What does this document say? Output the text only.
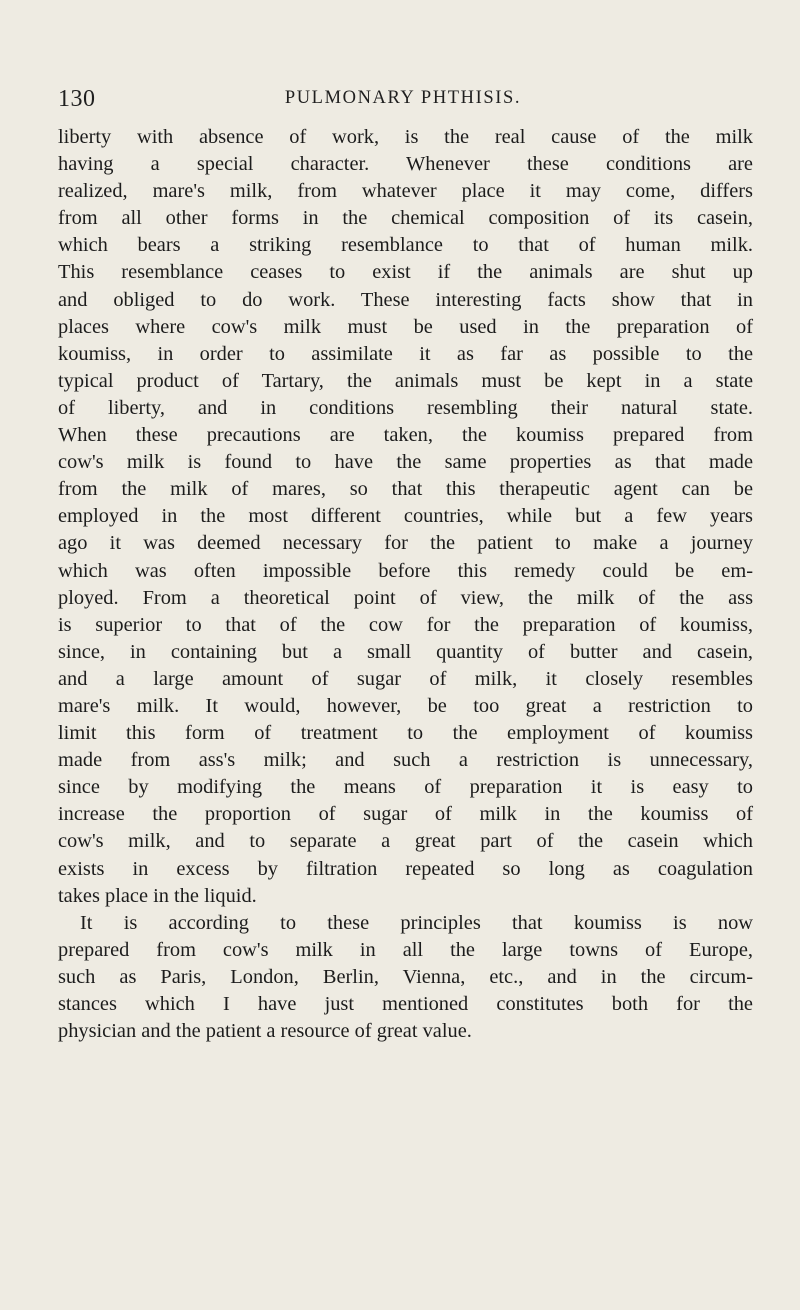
130	PULMONARY PHTHISIS.
liberty with absence of work, is the real cause of the milk
having a special character. Whenever these conditions are
realized, mare's milk, from whatever place it may come, differs
from all other forms in the chemical composition of its casein,
which bears a striking resemblance to that of human milk.
This resemblance ceases to exist if the animals are shut up
and obliged to do work. These interesting facts show that in
places where cow's milk must be used in the preparation of
koumiss, in order to assimilate it as far as possible to the
typical product of Tartary, the animals must be kept in a state
of liberty, and in conditions resembling their natural state.
When these precautions are taken, the koumiss prepared from
cow's milk is found to have the same properties as that made
from the milk of mares, so that this therapeutic agent can be
employed in the most different countries, while but a few years
ago it was deemed necessary for the patient to make a journey
which was often impossible before this remedy could be em-
ployed. From a theoretical point of view, the milk of the ass
is superior to that of the cow for the preparation of koumiss,
since, in containing but a small quantity of butter and casein,
and a large amount of sugar of milk, it closely resembles
mare's milk. It would, however, be too great a restriction to
limit this form of treatment to the employment of koumiss
made from ass's milk; and such a restriction is unnecessary,
since by modifying the means of preparation it is easy to
increase the proportion of sugar of milk in the koumiss of
cow's milk, and to separate a great part of the casein which
exists in excess by filtration repeated so long as coagulation
takes place in the liquid.
It is according to these principles that koumiss is now
prepared from cow's milk in all the large towns of Europe,
such as Paris, London, Berlin, Vienna, etc., and in the circum-
stances which I have just mentioned constitutes both for the
physician and the patient a resource of great value.
